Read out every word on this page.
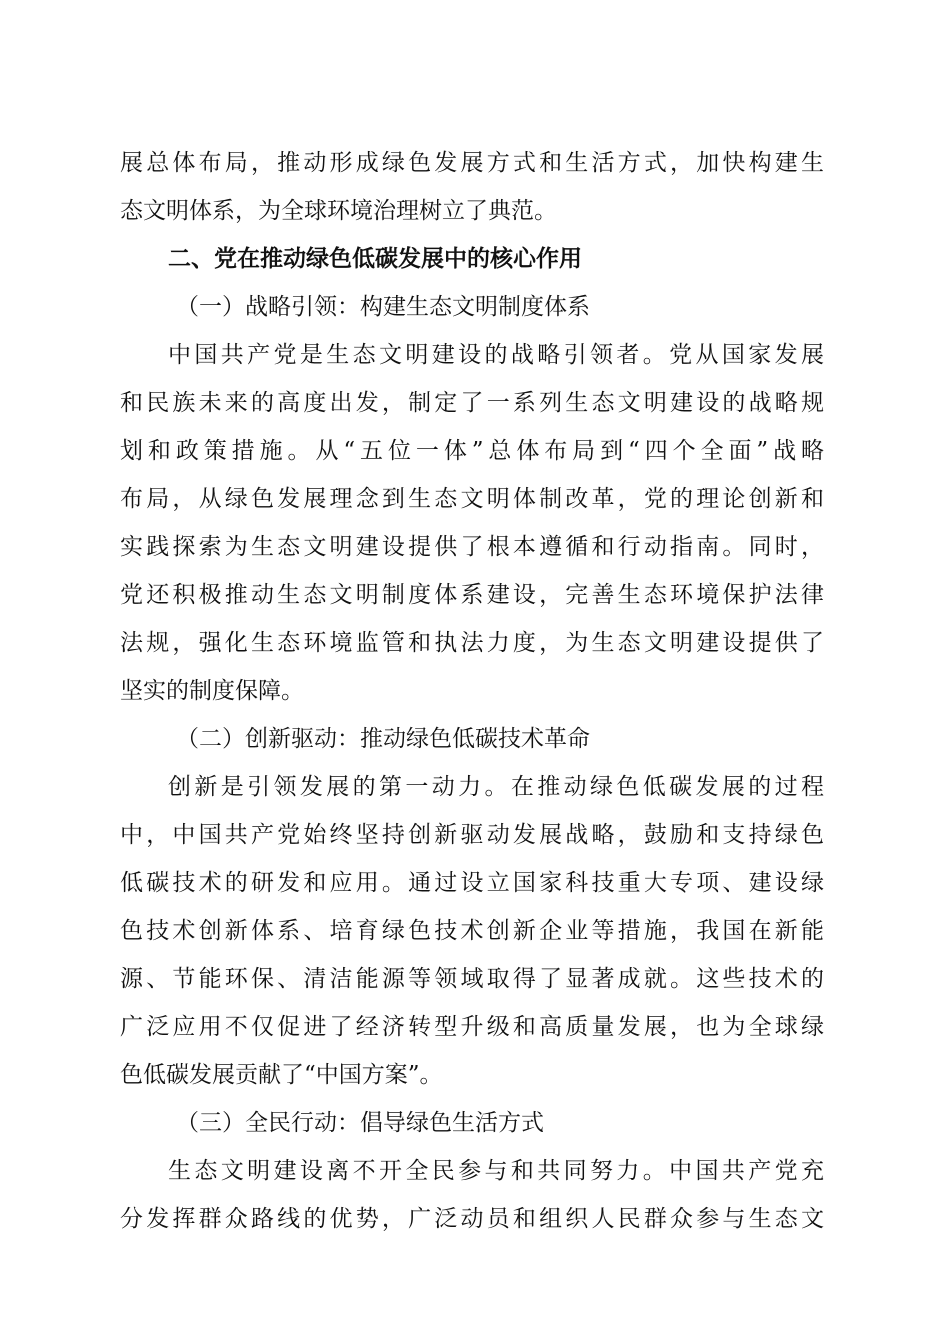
展总体布局，推动形成绿色发展方式和生活方式，加快构建生
态文明体系，为全球环境治理树立了典范。
二、党在推动绿色低碳发展中的核心作用
（一）战略引领：构建生态文明制度体系
中国共产党是生态文明建设的战略引领者。党从国家发展
和民族未来的高度出发，制定了一系列生态文明建设的战略规
划和政策措施。从“五位一体”总体布局到“四个全面”战略
布局，从绿色发展理念到生态文明体制改革，党的理论创新和
实践探索为生态文明建设提供了根本遵循和行动指南。同时，
党还积极推动生态文明制度体系建设，完善生态环境保护法律
法规，强化生态环境监管和执法力度，为生态文明建设提供了
坚实的制度保障。
（二）创新驱动：推动绿色低碳技术革命
创新是引领发展的第一动力。在推动绿色低碳发展的过程
中，中国共产党始终坚持创新驱动发展战略，鼓励和支持绿色
低碳技术的研发和应用。通过设立国家科技重大专项、建设绿
色技术创新体系、培育绿色技术创新企业等措施，我国在新能
源、节能环保、清洁能源等领域取得了显著成就。这些技术的
广泛应用不仅促进了经济转型升级和高质量发展，也为全球绿
色低碳发展贡献了“中国方案”。
（三）全民行动：倡导绿色生活方式
生态文明建设离不开全民参与和共同努力。中国共产党充
分发挥群众路线的优势，广泛动员和组织人民群众参与生态文
